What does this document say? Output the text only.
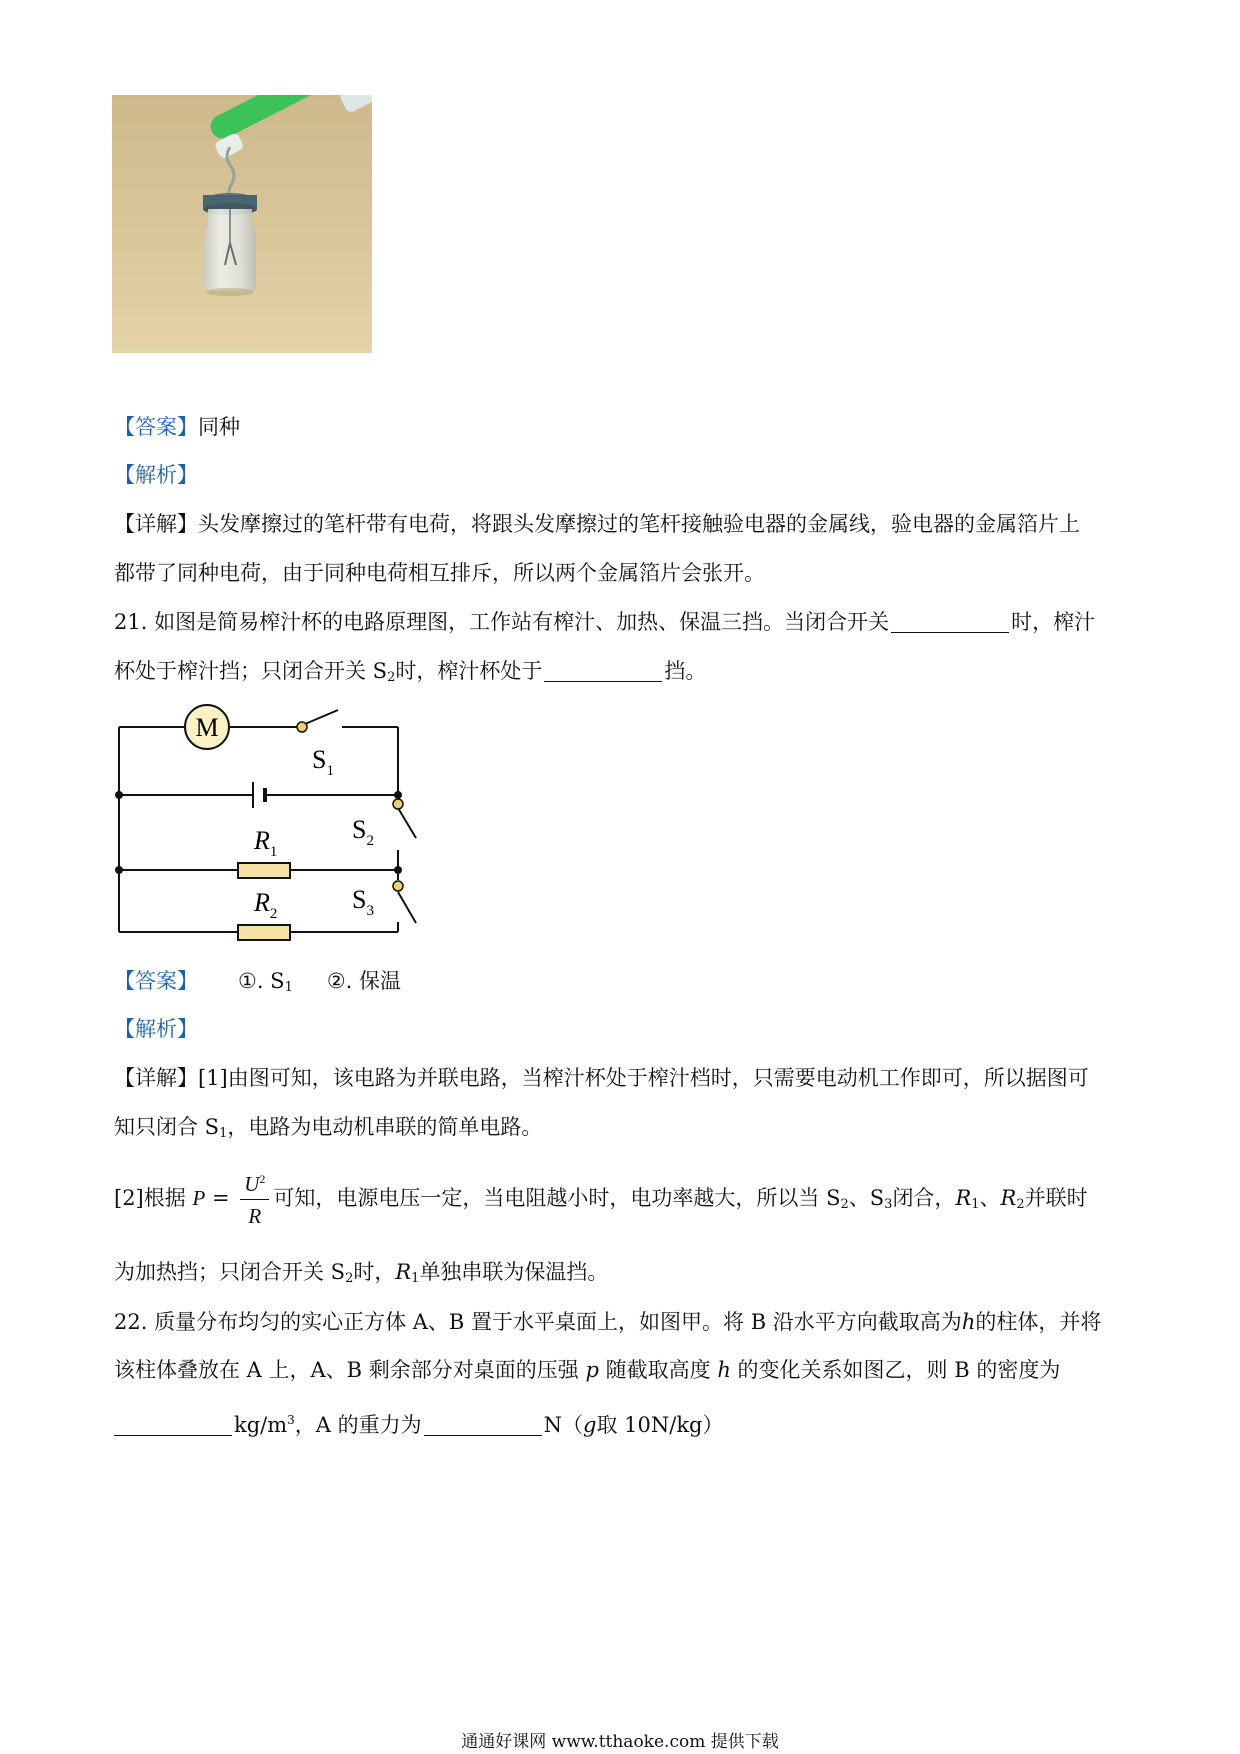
【答案】同种
【解析】
【详解】头发摩擦过的笔杆带有电荷，将跟头发摩擦过的笔杆接触验电器的金属线，验电器的金属箔片上
都带了同种电荷，由于同种电荷相互排斥，所以两个金属箔片会张开。
21. 如图是简易榨汁杯的电路原理图，工作站有榨汁、加热、保温三挡。当闭合开关	时，榨汁
杯处于榨汁挡；只闭合开关 $S_2$时，榨汁杯处于	挡。
M
$S_1$
$S_2$
$S_3$
$R_1$
$R_2$
【答案】 ①. $S_1$ ②. 保温
【解析】
【详解】[1]由图可知，该电路为并联电路，当榨汁杯处于榨汁档时，只需要电动机工作即可，所以据图可
知只闭合 $S_1$，电路为电动机串联的简单电路。
[2]根据 $P = \frac{U^2}{R}$ 可知，电源电压一定，当电阻越小时，电功率越大，所以当 $S_2$、$S_3$闭合，$R_1$、$R_2$并联时
为加热挡；只闭合开关 $S_2$时，$R_1$单独串联为保温挡。
22. 质量分布均匀的实心正方体 A、B 置于水平桌面上，如图甲。将 B 沿水平方向截取高为h的柱体，并将
该柱体叠放在 A 上，A、B 剩余部分对桌面的压强 p 随截取高度 h 的变化关系如图乙，则 B 的密度为
$kg/m^3$，A 的重力为	N（g取 10N/kg）
通通好课网 www.tthaoke.com 提供下载
